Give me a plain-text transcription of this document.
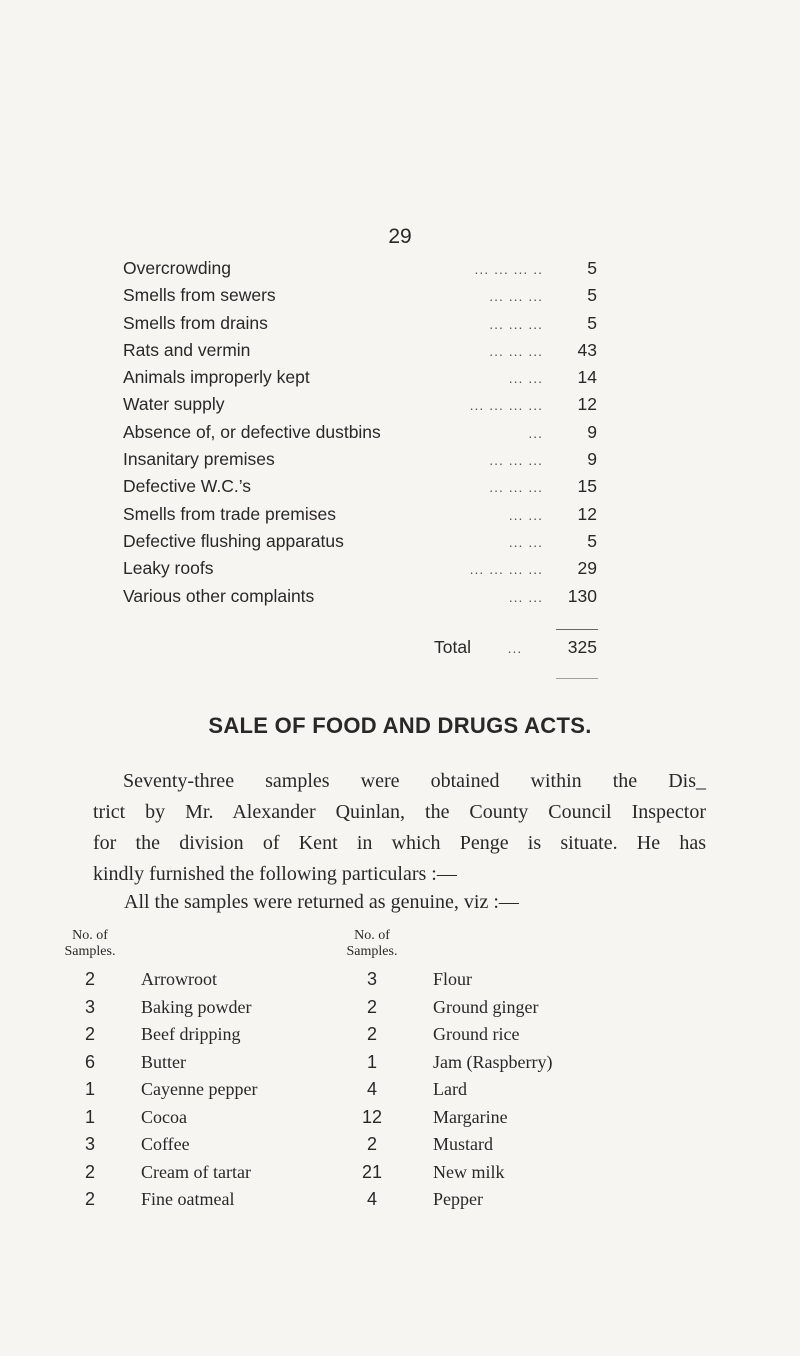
29
Overcrowding	... ... ... ..	5
Smells from sewers	... ... ...	5
Smells from drains	... ... ...	5
Rats and vermin	... ... ...	43
Animals improperly kept	... ...	14
Water supply	... ... ... ...	12
Absence of, or defective dustbins	...	9
Insanitary premises	... ... ...	9
Defective W.C.’s	... ... ...	15
Smells from trade premises	... ...	12
Defective flushing apparatus	... ...	5
Leaky roofs	... ... ... ...	29
Various other complaints	... ...	130
Total	...	325
SALE OF FOOD AND DRUGS ACTS.
Seventy-three samples were obtained within the Dis_
trict by Mr. Alexander Quinlan, the County Council Inspector
for the division of Kent in which Penge is situate. He has
kindly furnished the following particulars :—
All the samples were returned as genuine, viz :—
No. of Samples.
No. of Samples.
2	Arrowroot	3	Flour
3	Baking powder	2	Ground ginger
2	Beef dripping	2	Ground rice
6	Butter	1	Jam (Raspberry)
1	Cayenne pepper	4	Lard
1	Cocoa	12	Margarine
3	Coffee	2	Mustard
2	Cream of tartar	21	New milk
2	Fine oatmeal	4	Pepper
